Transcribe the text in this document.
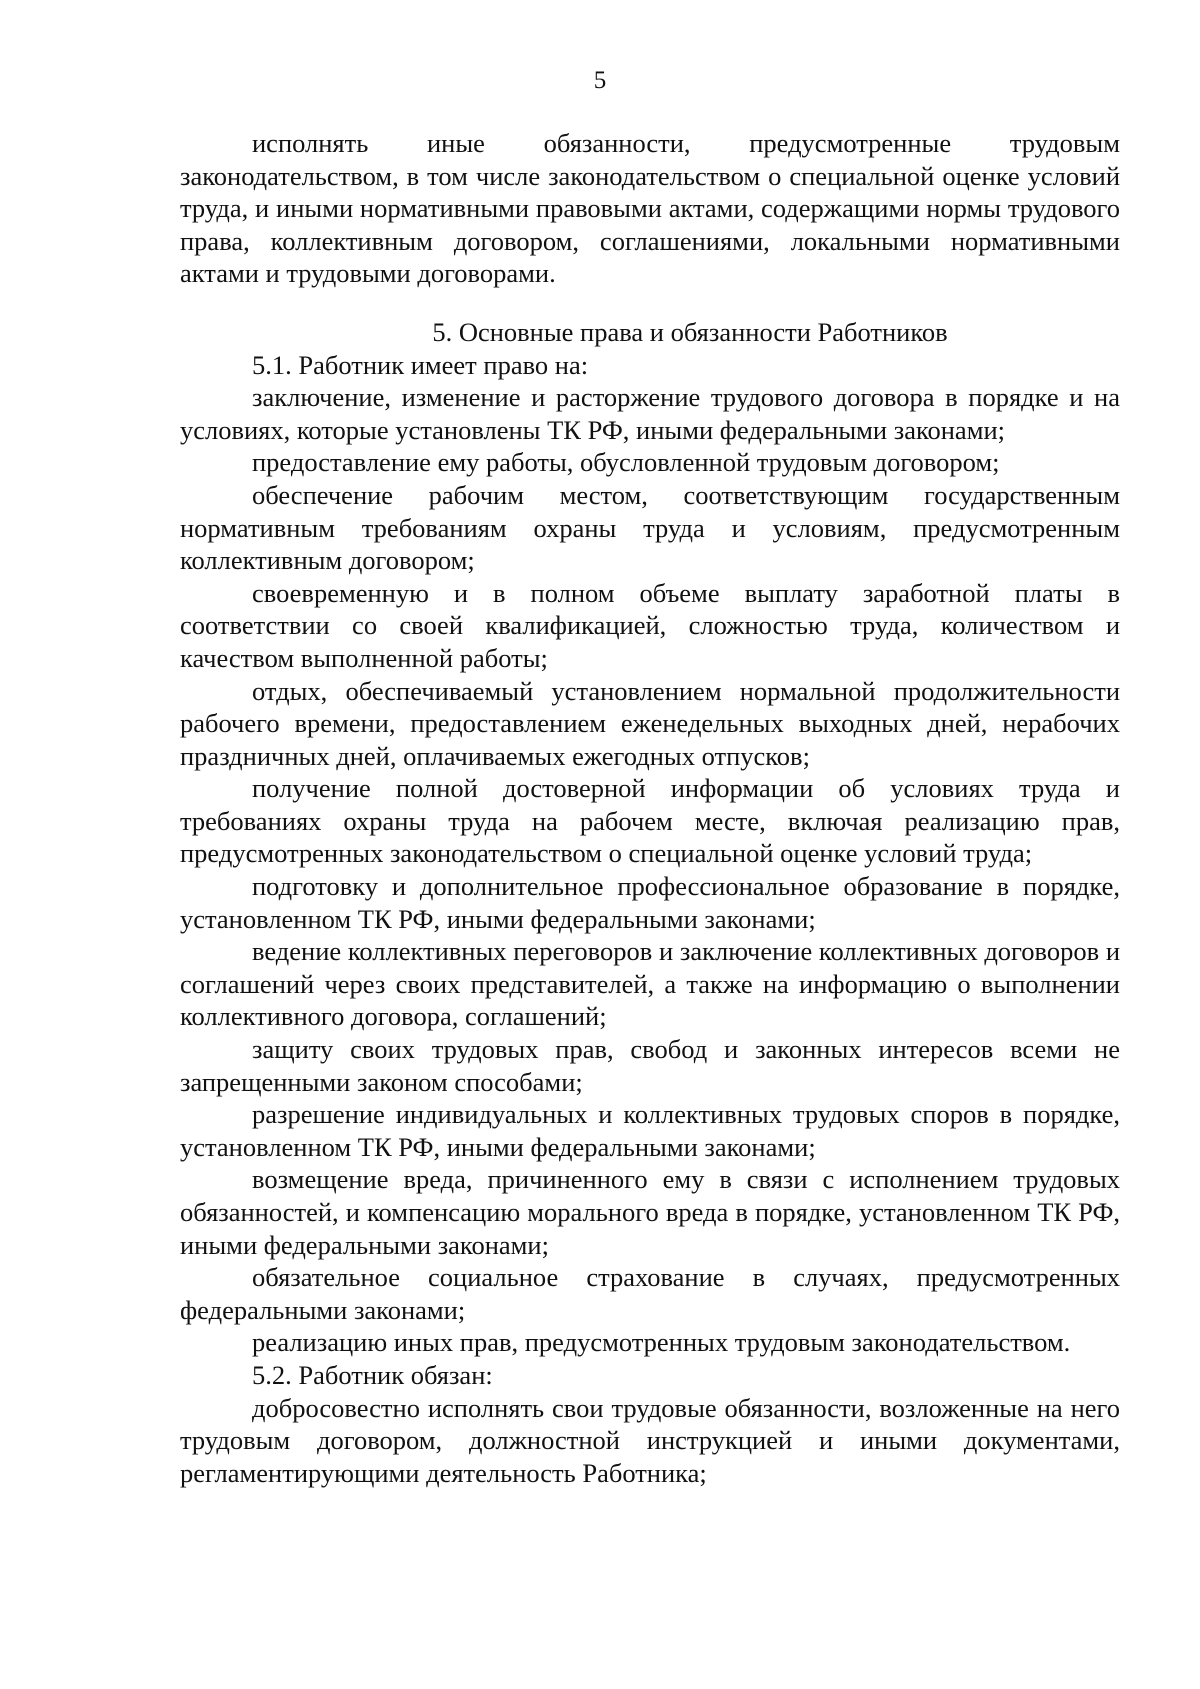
5

исполнять иные обязанности, предусмотренные трудовым законодательством, в том числе законодательством о специальной оценке условий труда, и иными нормативными правовыми актами, содержащими нормы трудового права, коллективным договором, соглашениями, локальными нормативными актами и трудовыми договорами.

5. Основные права и обязанности Работников

5.1. Работник имеет право на:

заключение, изменение и расторжение трудового договора в порядке и на условиях, которые установлены ТК РФ, иными федеральными законами;

предоставление ему работы, обусловленной трудовым договором;

обеспечение рабочим местом, соответствующим государственным нормативным требованиям охраны труда и условиям, предусмотренным коллективным договором;

своевременную и в полном объеме выплату заработной платы в соответствии со своей квалификацией, сложностью труда, количеством и качеством выполненной работы;

отдых, обеспечиваемый установлением нормальной продолжительности рабочего времени, предоставлением еженедельных выходных дней, нерабочих праздничных дней, оплачиваемых ежегодных отпусков;

получение полной достоверной информации об условиях труда и требованиях охраны труда на рабочем месте, включая реализацию прав, предусмотренных законодательством о специальной оценке условий труда;

подготовку и дополнительное профессиональное образование в порядке, установленном ТК РФ, иными федеральными законами;

ведение коллективных переговоров и заключение коллективных договоров и соглашений через своих представителей, а также на информацию о выполнении коллективного договора, соглашений;

защиту своих трудовых прав, свобод и законных интересов всеми не запрещенными законом способами;

разрешение индивидуальных и коллективных трудовых споров в порядке, установленном ТК РФ, иными федеральными законами;

возмещение вреда, причиненного ему в связи с исполнением трудовых обязанностей, и компенсацию морального вреда в порядке, установленном ТК РФ, иными федеральными законами;

обязательное социальное страхование в случаях, предусмотренных федеральными законами;

реализацию иных прав, предусмотренных трудовым законодательством.

5.2. Работник обязан:

добросовестно исполнять свои трудовые обязанности, возложенные на него трудовым договором, должностной инструкцией и иными документами, регламентирующими деятельность Работника;
